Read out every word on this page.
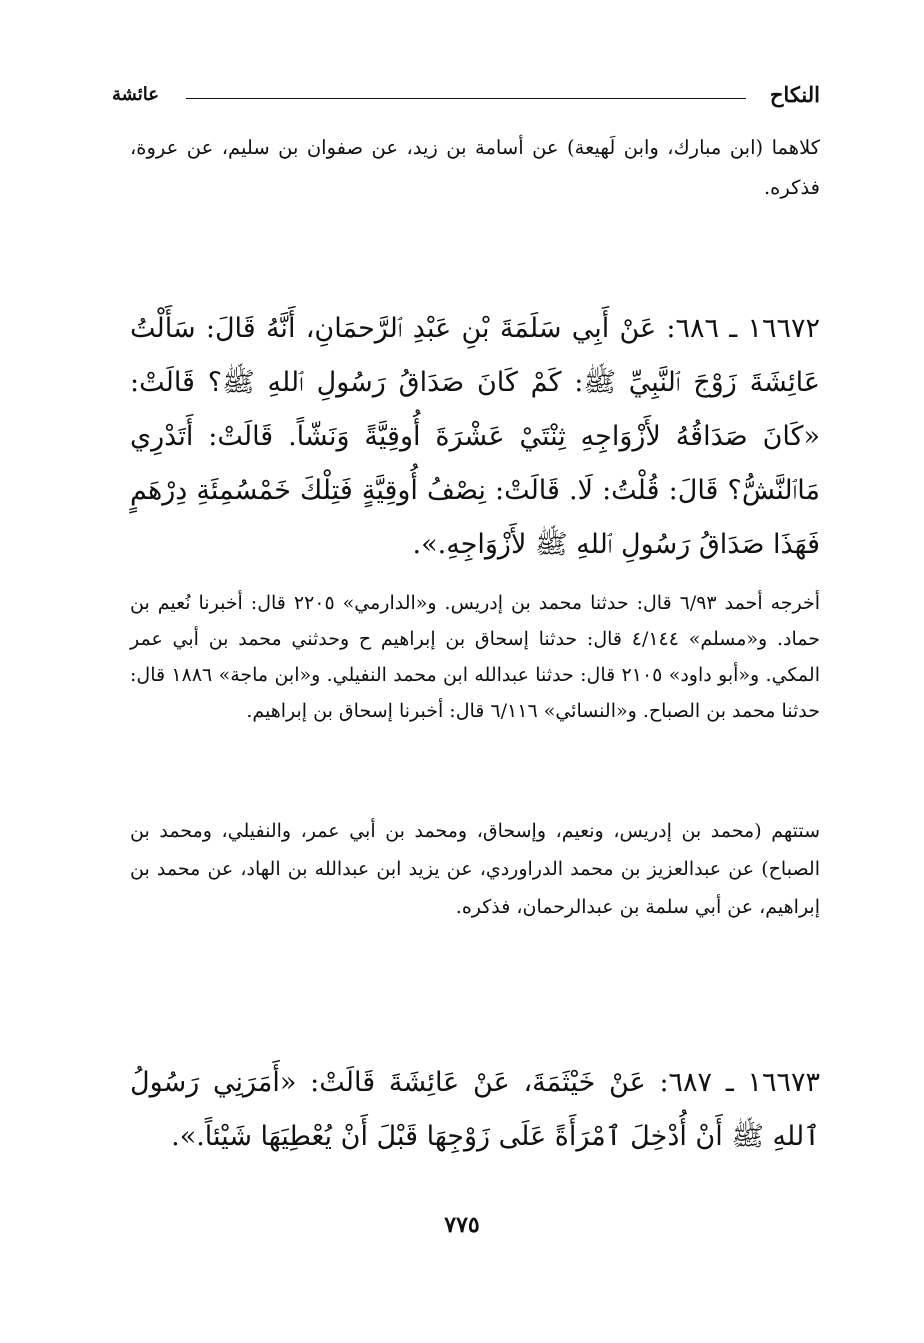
النكاح
عائشة

كلاهما (ابن مبارك، وابن لَهيعة) عن أسامة بن زيد، عن صفوان بن سليم، عن عروة، فذكره.

١٦٦٧٢ ـ ٦٨٦: عَنْ أَبِي سَلَمَةَ بْنِ عَبْدِ ٱلرَّحمَانِ، أَنَّهُ قَالَ: سَأَلْتُ عَائِشَةَ زَوْجَ ٱلنَّبِيِّ ﷺ: كَمْ كَانَ صَدَاقُ رَسُولِ ٱللهِ ﷺ؟ قَالَتْ: «كَانَ صَدَاقُهُ لأَزْوَاجِهِ ثِنْتَيْ عَشْرَةَ أُوقِيَّةً وَنَشّاً. قَالَتْ: أَتَدْرِي مَاٱلنَّشُّ؟ قَالَ: قُلْتُ: لَا. قَالَتْ: نِصْفُ أُوقِيَّةٍ فَتِلْكَ خَمْسُمِئَةِ دِرْهَمٍ فَهَذَا صَدَاقُ رَسُولِ ٱللهِ ﷺ لأَزْوَاجِهِ.».

أخرجه أحمد ٦/٩٣ قال: حدثنا محمد بن إدريس. و«الدارمي» ٢٢٠٥ قال: أخبرنا نُعيم بن حماد. و«مسلم» ٤/١٤٤ قال: حدثنا إسحاق بن إبراهيم ح وحدثني محمد بن أبي عمر المكي. و«أبو داود» ٢١٠٥ قال: حدثنا عبدالله ابن محمد النفيلي. و«ابن ماجة» ١٨٨٦ قال: حدثنا محمد بن الصباح. و«النسائي» ٦/١١٦ قال: أخبرنا إسحاق بن إبراهيم.

ستتهم (محمد بن إدريس، ونعيم، وإسحاق، ومحمد بن أبي عمر، والنفيلي، ومحمد بن الصباح) عن عبدالعزيز بن محمد الدراوردي، عن يزيد ابن عبدالله بن الهاد، عن محمد بن إبراهيم، عن أبي سلمة بن عبدالرحمان، فذكره.

١٦٦٧٣ ـ ٦٨٧: عَنْ خَيْثَمَةَ، عَنْ عَائِشَةَ قَالَتْ: «أَمَرَنِي رَسُولُ ٱللهِ ﷺ أَنْ أُدْخِلَ ٱمْرَأَةً عَلَى زَوْجِهَا قَبْلَ أَنْ يُعْطِيَهَا شَيْئاً.».

٧٧٥
